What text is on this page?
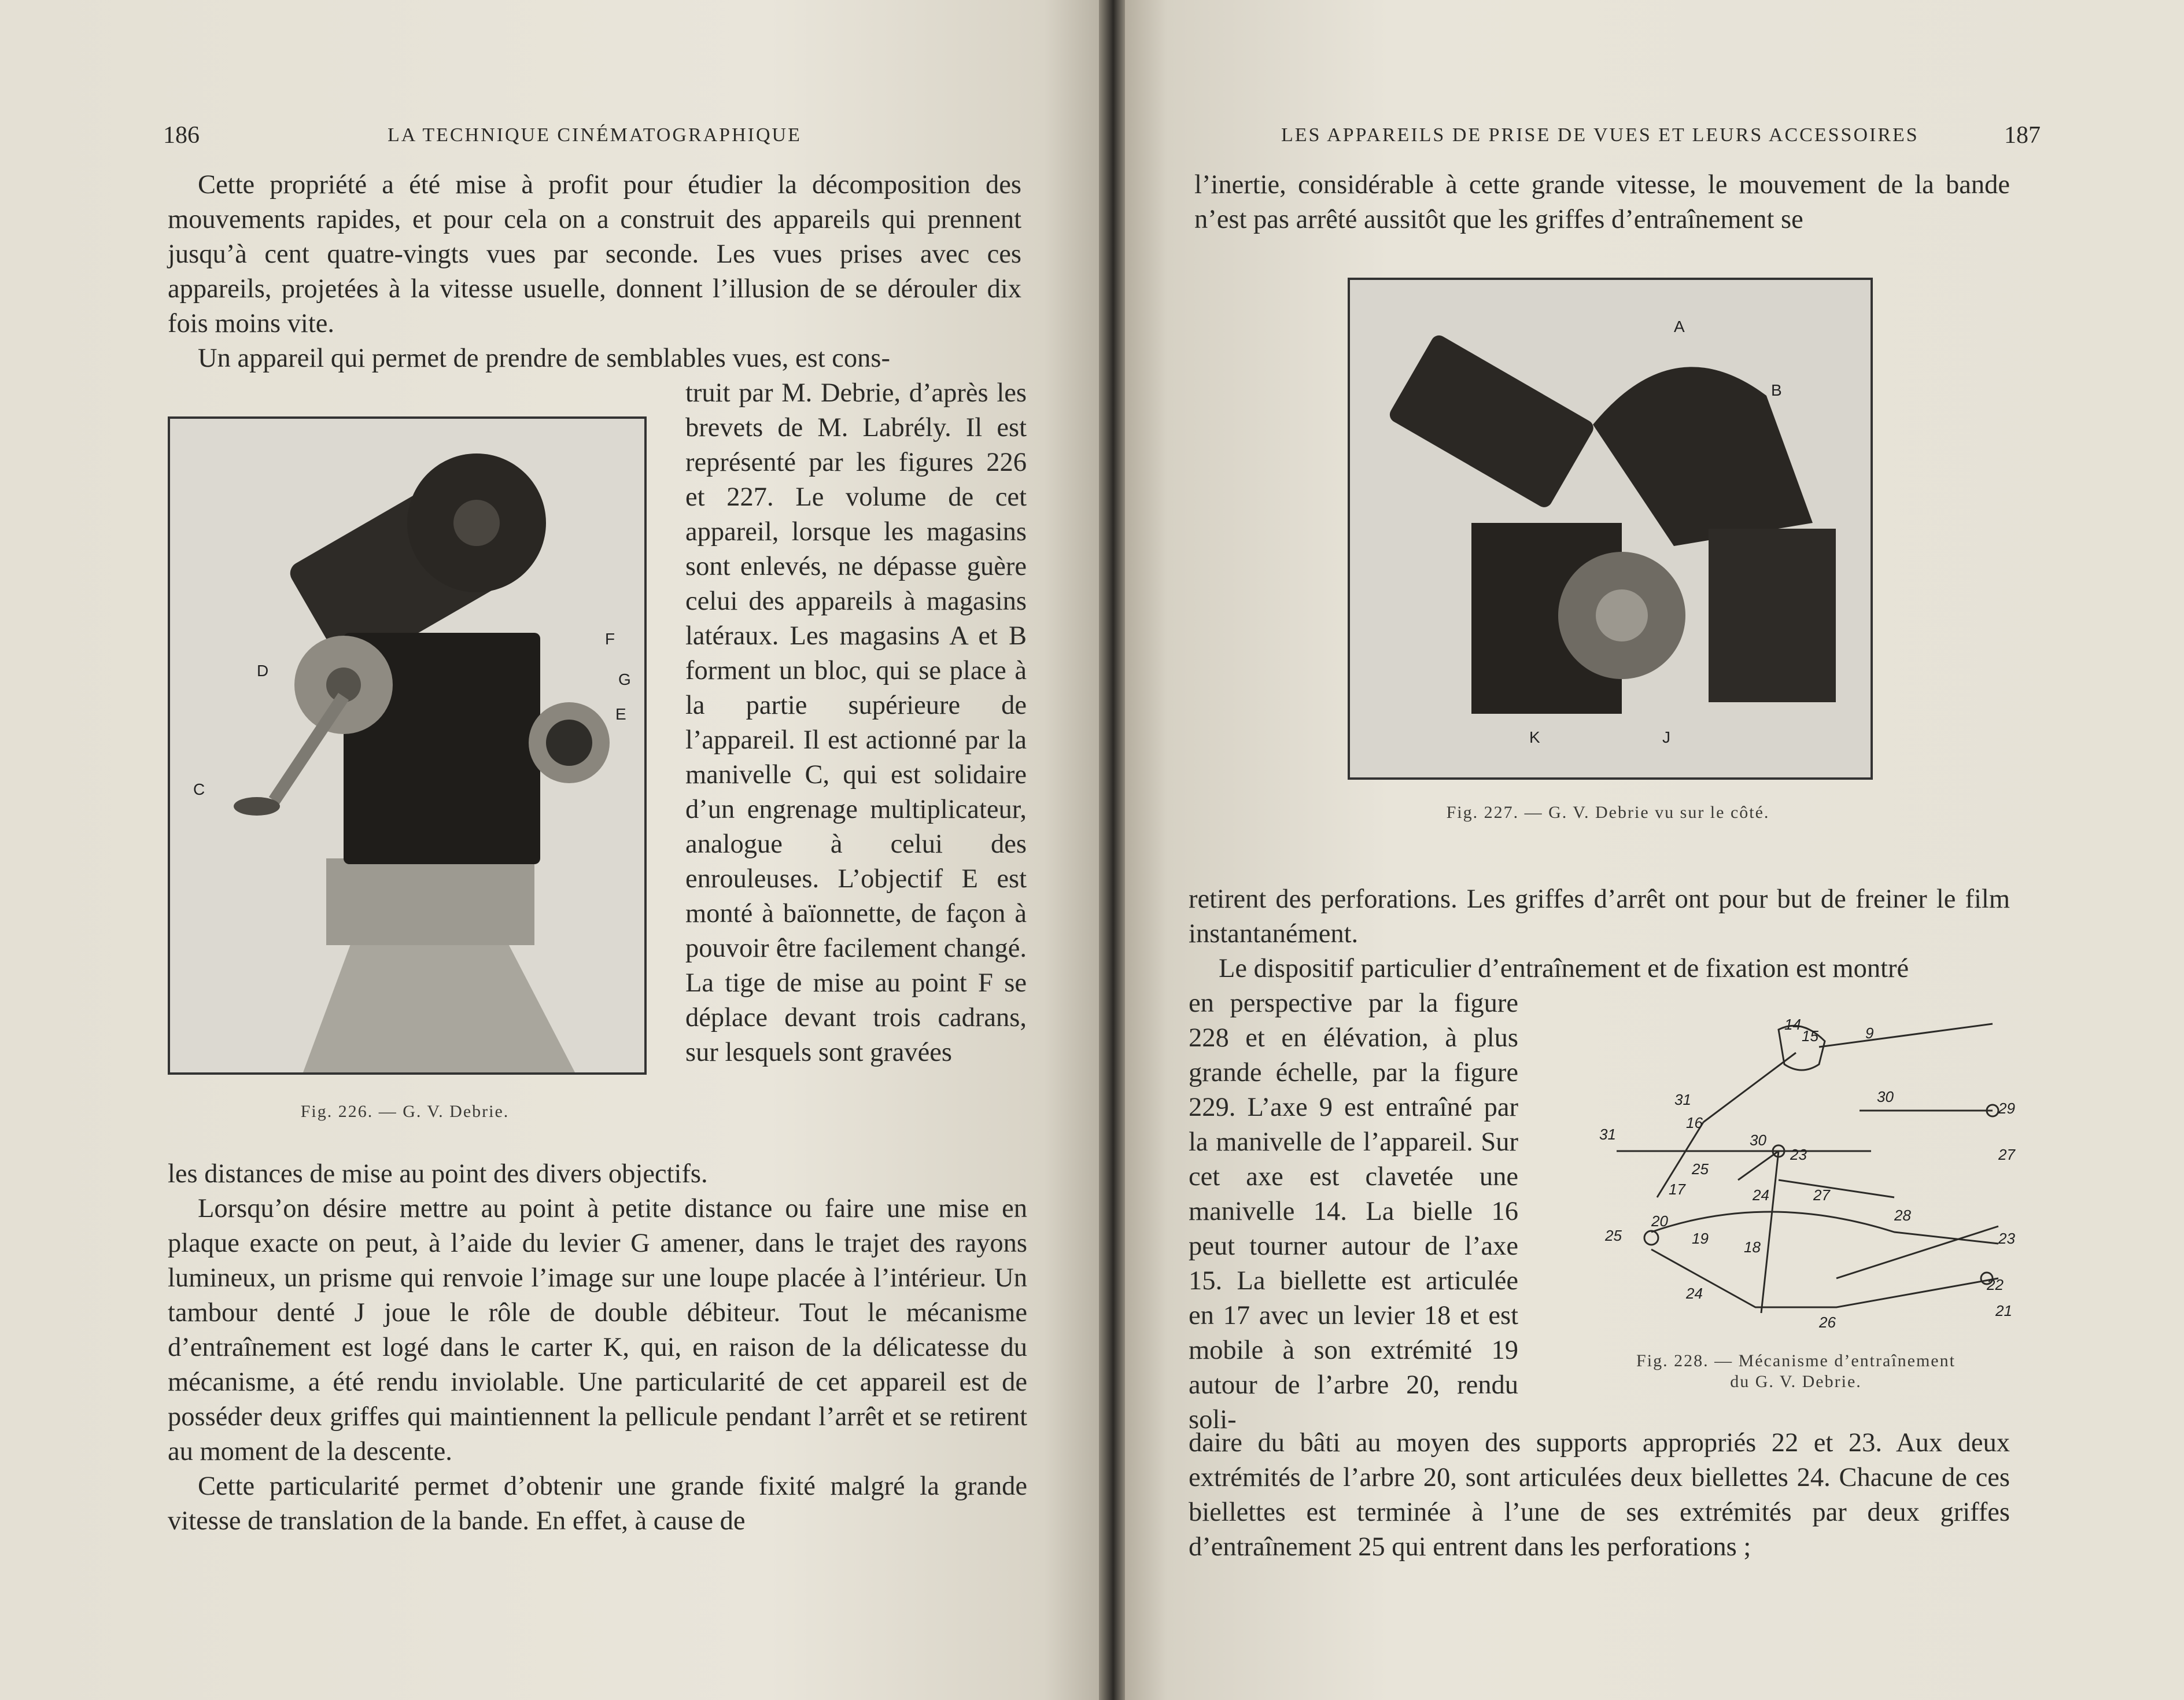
186	LA TECHNIQUE CINÉMATOGRAPHIQUE

Cette propriété a été mise à profit pour étudier la décomposition des mouvements rapides, et pour cela on a construit des appareils qui prennent jusqu’à cent quatre-vingts vues par seconde. Les vues prises avec ces appareils, projetées à la vitesse usuelle, donnent l’illusion de se dérouler dix fois moins vite.

Un appareil qui permet de prendre de semblables vues, est cons-

F
D	G
E
C
Fig. 226. — G. V. Debrie.
truit par M. Debrie, d’après les brevets de M. Labrély. Il est représenté par les figures 226 et 227. Le volume de cet appareil, lorsque les magasins sont enlevés, ne dépasse guère celui des appareils à magasins latéraux. Les magasins A et B forment un bloc, qui se place à la partie supérieure de l’appareil. Il est actionné par la manivelle C, qui est solidaire d’un engrenage multiplicateur, analogue à celui des enrouleuses. L’objectif E est monté à baïonnette, de façon à pouvoir être facilement changé. La tige de mise au point F se déplace devant trois cadrans, sur lesquels sont gravées

les distances de mise au point des divers objectifs.

Lorsqu’on désire mettre au point à petite distance ou faire une mise en plaque exacte on peut, à l’aide du levier G amener, dans le trajet des rayons lumineux, un prisme qui renvoie l’image sur une loupe placée à l’intérieur. Un tambour denté J joue le rôle de double débiteur. Tout le mécanisme d’entraînement est logé dans le carter K, qui, en raison de la délicatesse du mécanisme, a été rendu inviolable. Une particularité de cet appareil est de posséder deux griffes qui maintiennent la pellicule pendant l’arrêt et se retirent au moment de la descente.

Cette particularité permet d’obtenir une grande fixité malgré la grande vitesse de translation de la bande. En effet, à cause de

LES APPAREILS DE PRISE DE VUES ET LEURS ACCESSOIRES	187
l’inertie, considérable à cette grande vitesse, le mouvement de la bande n’est pas arrêté aussitôt que les griffes d’entraînement se
A
B
K	J
Fig. 227. — G. V. Debrie vu sur le côté.

retirent des perforations. Les griffes d’arrêt ont pour but de freiner le film instantanément.

Le dispositif particulier d’entraînement et de fixation est montré

en perspective par la figure 228 et en élévation, à plus grande échelle, par la figure 229. L’axe 9 est entraîné par la manivelle de l’appareil. Sur cet axe est clavetée une manivelle 14. La bielle 16 peut tourner autour de l’axe 15. La biellette est articulée en 17 avec un levier 18 et est mobile à son extrémité 19 autour de l’arbre 20, rendu soli-
14
15	9
31	30
29
16
31	30
23	27
25
17	24	27
20	28
19 18	23
25
22
24
26
21
Fig. 228. — Mécanisme d’entraînement
du G. V. Debrie.
daire du bâti au moyen des supports appropriés 22 et 23. Aux deux extrémités de l’arbre 20, sont articulées deux biellettes 24. Chacune de ces biellettes est terminée à l’une de ses extrémités par deux griffes d’entraînement 25 qui entrent dans les perforations ;
